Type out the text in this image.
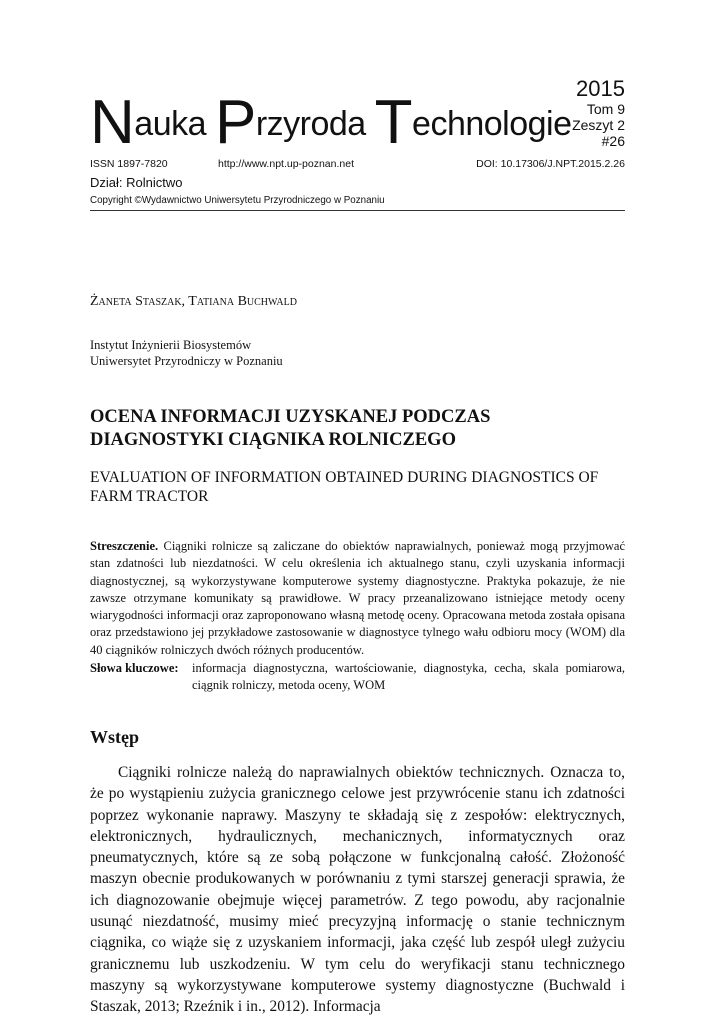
Nauka Przyroda Technologie
2015
Tom 9
Zeszyt 2
#26
ISSN 1897-7820	http://www.npt.up-poznan.net	DOI: 10.17306/J.NPT.2015.2.26
Dział: Rolnictwo
Copyright ©Wydawnictwo Uniwersytetu Przyrodniczego w Poznaniu
Żaneta Staszak, Tatiana Buchwald
Instytut Inżynierii Biosystemów
Uniwersytet Przyrodniczy w Poznaniu
OCENA INFORMACJI UZYSKANEJ PODCZAS DIAGNOSTYKI CIĄGNIKA ROLNICZEGO
EVALUATION OF INFORMATION OBTAINED DURING DIAGNOSTICS OF FARM TRACTOR
Streszczenie. Ciągniki rolnicze są zaliczane do obiektów naprawialnych, ponieważ mogą przyjmować stan zdatności lub niezdatności. W celu określenia ich aktualnego stanu, czyli uzyskania informacji diagnostycznej, są wykorzystywane komputerowe systemy diagnostyczne. Praktyka pokazuje, że nie zawsze otrzymane komunikaty są prawidłowe. W pracy przeanalizowano istniejące metody oceny wiarygodności informacji oraz zaproponowano własną metodę oceny. Opracowana metoda została opisana oraz przedstawiono jej przykładowe zastosowanie w diagnostyce tylnego wału odbioru mocy (WOM) dla 40 ciągników rolniczych dwóch różnych producentów.
Słowa kluczowe: informacja diagnostyczna, wartościowanie, diagnostyka, cecha, skala pomiarowa, ciągnik rolniczy, metoda oceny, WOM
Wstęp
Ciągniki rolnicze należą do naprawialnych obiektów technicznych. Oznacza to, że po wystąpieniu zużycia granicznego celowe jest przywrócenie stanu ich zdatności poprzez wykonanie naprawy. Maszyny te składają się z zespołów: elektrycznych, elektronicznych, hydraulicznych, mechanicznych, informatycznych oraz pneumatycznych, które są ze sobą połączone w funkcjonalną całość. Złożoność maszyn obecnie produkowanych w porównaniu z tymi starszej generacji sprawia, że ich diagnozowanie obejmuje więcej parametrów. Z tego powodu, aby racjonalnie usunąć niezdatność, musimy mieć precyzyjną informację o stanie technicznym ciągnika, co wiąże się z uzyskaniem informacji, jaka część lub zespół uległ zużyciu granicznemu lub uszkodzeniu. W tym celu do weryfikacji stanu technicznego maszyny są wykorzystywane komputerowe systemy diagnostyczne (Buchwald i Staszak, 2013; Rzeźnik i in., 2012). Informacja
